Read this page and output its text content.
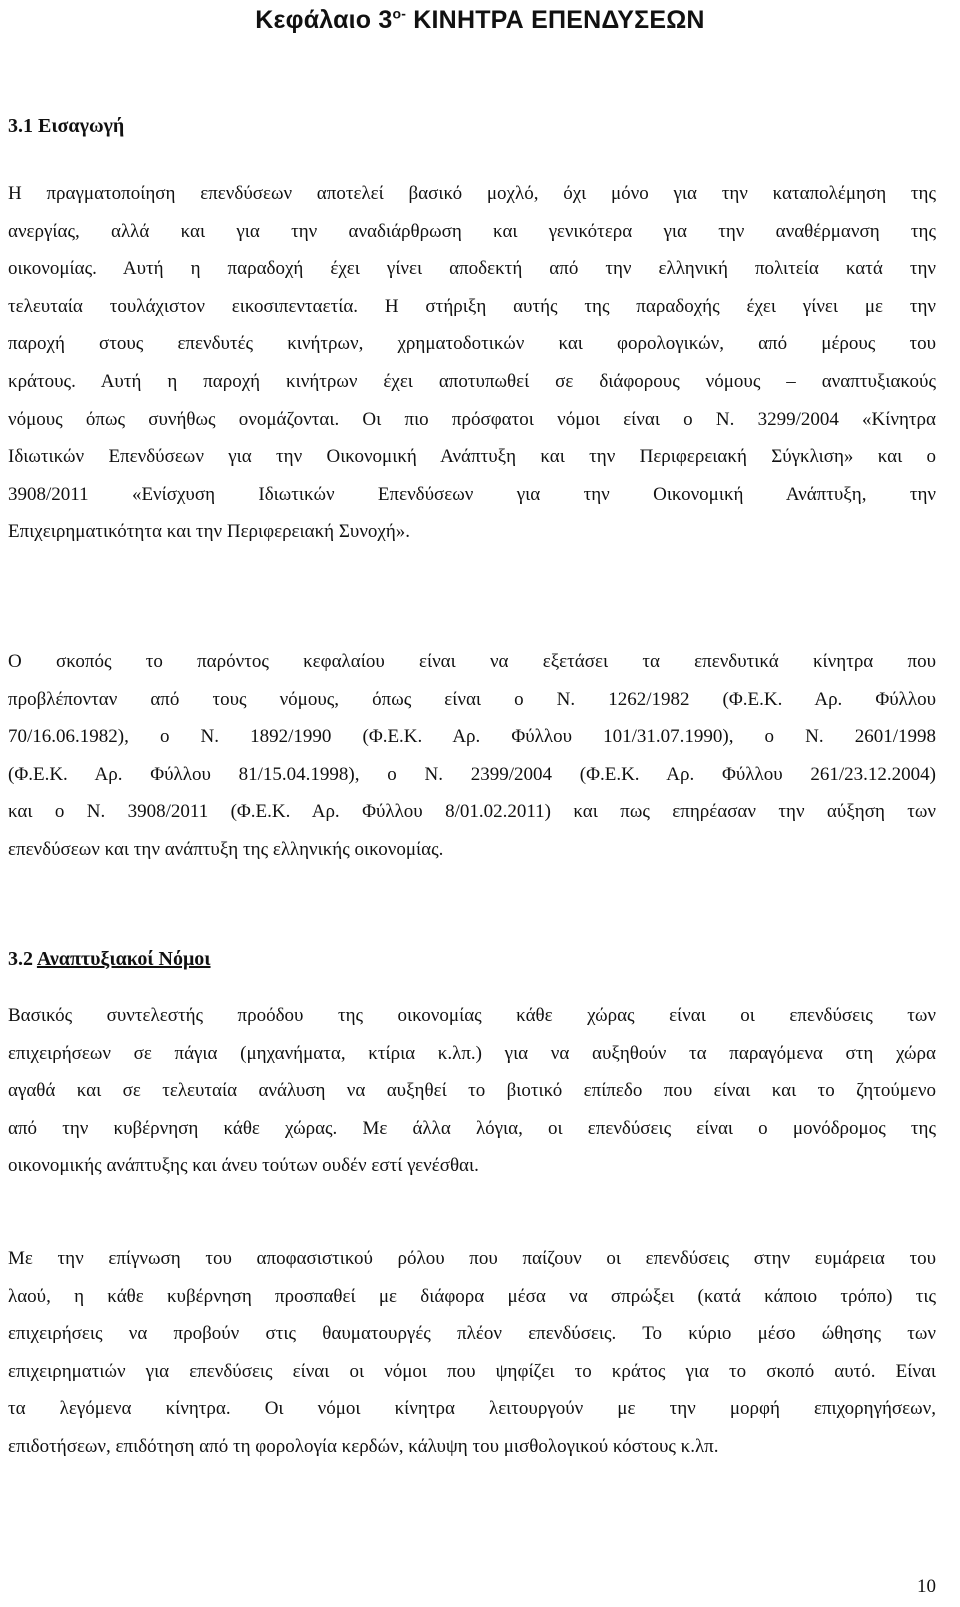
Κεφάλαιο $3^{o-}$ ΚΙΝΗΤΡΑ ΕΠΕΝΔΥΣΕΩΝ
3.1 Εισαγωγή
Η πραγματοποίηση επενδύσεων αποτελεί βασικό μοχλό, όχι μόνο για την καταπολέμηση της
ανεργίας, αλλά και για την αναδιάρθρωση και γενικότερα για την αναθέρμανση της
οικονομίας. Αυτή η παραδοχή έχει γίνει αποδεκτή από την ελληνική πολιτεία κατά την
τελευταία τουλάχιστον εικοσιπενταετία. Η στήριξη αυτής της παραδοχής έχει γίνει με την
παροχή στους επενδυτές κινήτρων, χρηματοδοτικών και φορολογικών, από μέρους του
κράτους. Αυτή η παροχή κινήτρων έχει αποτυπωθεί σε διάφορους νόμους – αναπτυξιακούς
νόμους όπως συνήθως ονομάζονται. Οι πιο πρόσφατοι νόμοι είναι ο Ν. 3299/2004 «Κίνητρα
Ιδιωτικών Επενδύσεων για την Οικονομική Ανάπτυξη και την Περιφερειακή Σύγκλιση» και ο
3908/2011 «Ενίσχυση Ιδιωτικών Επενδύσεων για την Οικονομική Ανάπτυξη, την
Επιχειρηματικότητα και την Περιφερειακή Συνοχή».
Ο σκοπός το παρόντος κεφαλαίου είναι να εξετάσει τα επενδυτικά κίνητρα που
προβλέπονταν από τους νόμους, όπως είναι ο Ν. 1262/1982 (Φ.Ε.Κ. Αρ. Φύλλου
70/16.06.1982), ο Ν. 1892/1990 (Φ.Ε.Κ. Αρ. Φύλλου 101/31.07.1990), ο Ν. 2601/1998
(Φ.Ε.Κ. Αρ. Φύλλου 81/15.04.1998), ο Ν. 2399/2004 (Φ.Ε.Κ. Αρ. Φύλλου 261/23.12.2004)
και ο Ν. 3908/2011 (Φ.Ε.Κ. Αρ. Φύλλου 8/01.02.2011) και πως επηρέασαν την αύξηση των
επενδύσεων και την ανάπτυξη της ελληνικής οικονομίας.
3.2 Αναπτυξιακοί Νόμοι
Βασικός συντελεστής προόδου της οικονομίας κάθε χώρας είναι οι επενδύσεις των
επιχειρήσεων σε πάγια (μηχανήματα, κτίρια κ.λπ.) για να αυξηθούν τα παραγόμενα στη χώρα
αγαθά και σε τελευταία ανάλυση να αυξηθεί το βιοτικό επίπεδο που είναι και το ζητούμενο
από την κυβέρνηση κάθε χώρας. Με άλλα λόγια, οι επενδύσεις είναι ο μονόδρομος της
οικονομικής ανάπτυξης και άνευ τούτων ουδέν εστί γενέσθαι.
Με την επίγνωση του αποφασιστικού ρόλου που παίζουν οι επενδύσεις στην ευμάρεια του
λαού, η κάθε κυβέρνηση προσπαθεί με διάφορα μέσα να σπρώξει (κατά κάποιο τρόπο) τις
επιχειρήσεις να προβούν στις θαυματουργές πλέον επενδύσεις. Το κύριο μέσο ώθησης των
επιχειρηματιών για επενδύσεις είναι οι νόμοι που ψηφίζει το κράτος για το σκοπό αυτό. Είναι
τα λεγόμενα κίνητρα. Οι νόμοι κίνητρα λειτουργούν με την μορφή επιχορηγήσεων,
επιδοτήσεων, επιδότηση από τη φορολογία κερδών, κάλυψη του μισθολογικού κόστους κ.λπ.
10
